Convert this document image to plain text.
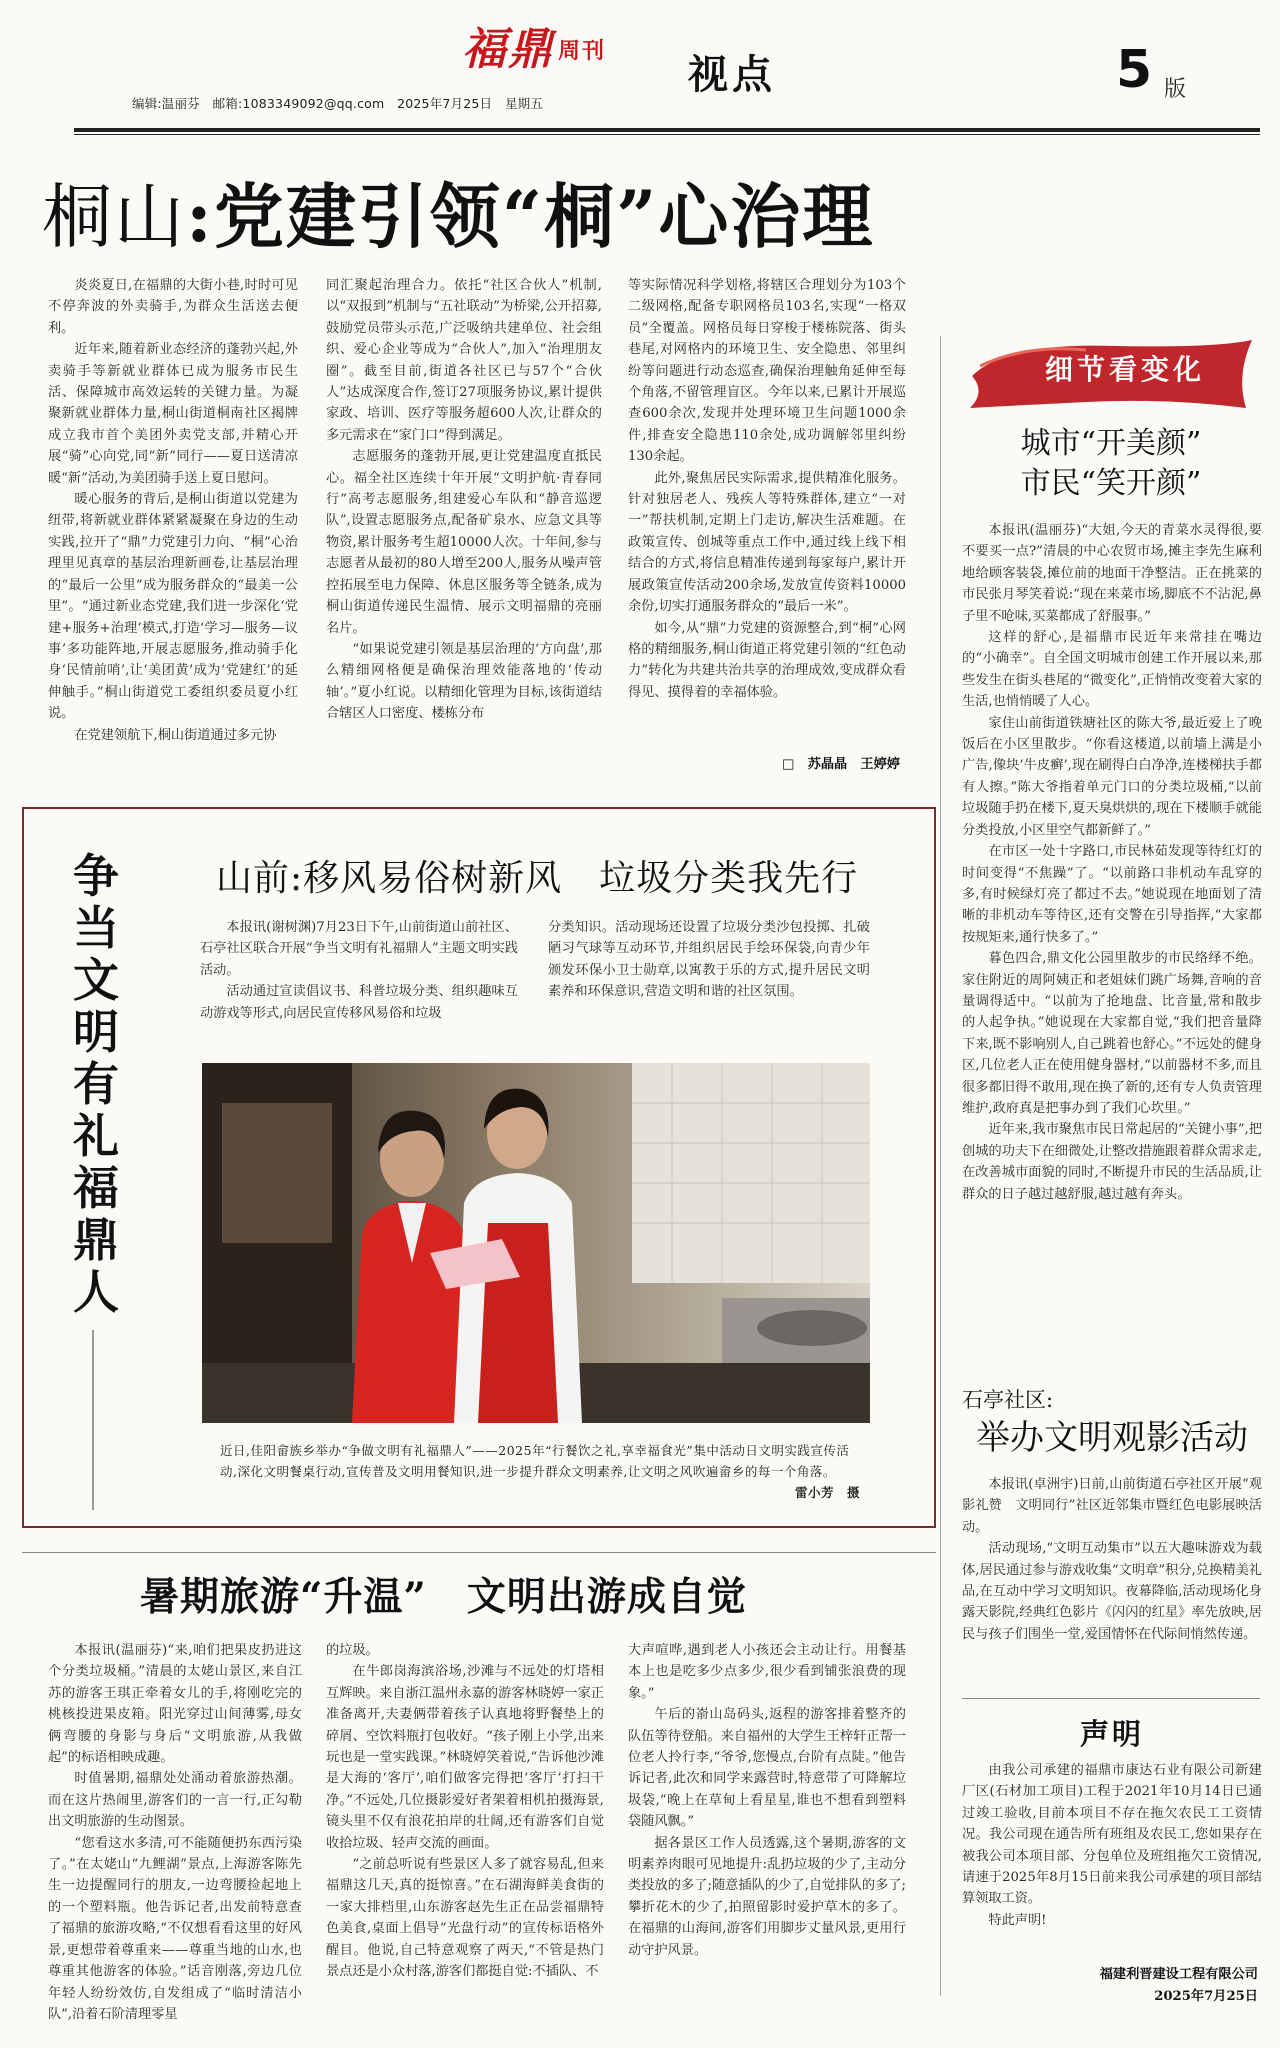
福鼎 周刊
编辑:温丽芬　邮箱:1083349092@qq.com　2025年7月25日　星期五
视点	5 版
桐山:党建引领“桐”心治理

炎炎夏日,在福鼎的大街小巷,时时可见不停奔波的外卖骑手,为群众生活送去便利。

近年来,随着新业态经济的蓬勃兴起,外卖骑手等新就业群体已成为服务市民生活、保障城市高效运转的关键力量。为凝聚新就业群体力量,桐山街道桐南社区揭牌成立我市首个美团外卖党支部,并精心开展“骑”心向党,同“新”同行——夏日送清凉暖“新”活动,为美团骑手送上夏日慰问。

暖心服务的背后,是桐山街道以党建为纽带,将新就业群体紧紧凝聚在身边的生动实践,拉开了“鼎”力党建引力向、“桐”心治理里见真章的基层治理新画卷,让基层治理的“最后一公里”成为服务群众的“最美一公里”。“通过新业态党建,我们进一步深化‘党建+服务+治理’模式,打造‘学习—服务—议事’多功能阵地,开展志愿服务,推动骑手化身‘民情前哨’,让‘美团黄’成为‘党建红’的延伸触手。”桐山街道党工委组织委员夏小红说。

在党建领航下,桐山街道通过多元协

同汇聚起治理合力。依托“社区合伙人”机制,以“双报到”机制与“五社联动”为桥梁,公开招募,鼓励党员带头示范,广泛吸纳共建单位、社会组织、爱心企业等成为“合伙人”,加入“治理朋友圈”。截至目前,街道各社区已与57个“合伙人”达成深度合作,签订27项服务协议,累计提供家政、培训、医疗等服务超600人次,让群众的多元需求在“家门口”得到满足。

志愿服务的蓬勃开展,更让党建温度直抵民心。福全社区连续十年开展“文明护航·青春同行”高考志愿服务,组建爱心车队和“静音巡逻队”,设置志愿服务点,配备矿泉水、应急文具等物资,累计服务考生超10000人次。十年间,参与志愿者从最初的80人增至200人,服务从噪声管控拓展至电力保障、休息区服务等全链条,成为桐山街道传递民生温情、展示文明福鼎的亮丽名片。

“如果说党建引领是基层治理的‘方向盘’,那么精细网格便是确保治理效能落地的‘传动轴’。”夏小红说。以精细化管理为目标,该街道结合辖区人口密度、楼栋分布

等实际情况科学划格,将辖区合理划分为103个二级网格,配备专职网格员103名,实现“一格双员”全覆盖。网格员每日穿梭于楼栋院落、街头巷尾,对网格内的环境卫生、安全隐患、邻里纠纷等问题进行动态巡查,确保治理触角延伸至每个角落,不留管理盲区。今年以来,已累计开展巡查600余次,发现并处理环境卫生问题1000余件,排查安全隐患110余处,成功调解邻里纠纷130余起。

此外,聚焦居民实际需求,提供精准化服务。针对独居老人、残疾人等特殊群体,建立“一对一”帮扶机制,定期上门走访,解决生活难题。在政策宣传、创城等重点工作中,通过线上线下相结合的方式,将信息精准传递到每家每户,累计开展政策宣传活动200余场,发放宣传资料10000余份,切实打通服务群众的“最后一米”。

如今,从“鼎”力党建的资源整合,到“桐”心网格的精细服务,桐山街道正将党建引领的“红色动力”转化为共建共治共享的治理成效,变成群众看得见、摸得着的幸福体验。

□　苏晶晶　王婷婷
争当文明有礼福鼎人
山前:移风易俗树新风　垃圾分类我先行

本报讯(谢树渊)7月23日下午,山前街道山前社区、石亭社区联合开展“争当文明有礼福鼎人”主题文明实践活动。

活动通过宣读倡议书、科普垃圾分类、组织趣味互动游戏等形式,向居民宣传移风易俗和垃圾

分类知识。活动现场还设置了垃圾分类沙包投掷、扎破陋习气球等互动环节,并组织居民手绘环保袋,向青少年颁发环保小卫士勋章,以寓教于乐的方式,提升居民文明素养和环保意识,营造文明和谐的社区氛围。

近日,佳阳畲族乡举办“争做文明有礼福鼎人”——2025年“行餐饮之礼,享幸福食光”集中活动日文明实践宣传活动,深化文明餐桌行动,宣传普及文明用餐知识,进一步提升群众文明素养,让文明之风吹遍畲乡的每一个角落。
雷小芳　摄
暑期旅游“升温”　文明出游成自觉

本报讯(温丽芬)“来,咱们把果皮扔进这个分类垃圾桶。”清晨的太姥山景区,来自江苏的游客王琪正牵着女儿的手,将刚吃完的桃核投进果皮箱。阳光穿过山间薄雾,母女俩弯腰的身影与身后“文明旅游,从我做起”的标语相映成趣。

时值暑期,福鼎处处涌动着旅游热潮。而在这片热闹里,游客们的一言一行,正勾勒出文明旅游的生动图景。

“您看这水多清,可不能随便扔东西污染了。”在太姥山“九鲤湖”景点,上海游客陈先生一边提醒同行的朋友,一边弯腰捡起地上的一个塑料瓶。他告诉记者,出发前特意查了福鼎的旅游攻略,“不仅想看看这里的好风景,更想带着尊重来——尊重当地的山水,也尊重其他游客的体验。”话音刚落,旁边几位年轻人纷纷效仿,自发组成了“临时清洁小队”,沿着石阶清理零星

的垃圾。

在牛郎岗海滨浴场,沙滩与不远处的灯塔相互辉映。来自浙江温州永嘉的游客林晓婷一家正准备离开,夫妻俩带着孩子认真地将野餐垫上的碎屑、空饮料瓶打包收好。“孩子刚上小学,出来玩也是一堂实践课。”林晓婷笑着说,“告诉他沙滩是大海的‘客厅’,咱们做客完得把‘客厅’打扫干净。”不远处,几位摄影爱好者架着相机拍摄海景,镜头里不仅有浪花拍岸的壮阔,还有游客们自觉收拾垃圾、轻声交流的画面。

“之前总听说有些景区人多了就容易乱,但来福鼎这几天,真的挺惊喜。”在石湖海鲜美食街的一家大排档里,山东游客赵先生正在品尝福鼎特色美食,桌面上倡导“光盘行动”的宣传标语格外醒目。他说,自己特意观察了两天,“不管是热门景点还是小众村落,游客们都挺自觉:不插队、不

大声喧哗,遇到老人小孩还会主动让行。用餐基本上也是吃多少点多少,很少看到铺张浪费的现象。”

午后的嵛山岛码头,返程的游客排着整齐的队伍等待登船。来自福州的大学生王梓轩正帮一位老人拎行李,“爷爷,您慢点,台阶有点陡。”他告诉记者,此次和同学来露营时,特意带了可降解垃圾袋,“晚上在草甸上看星星,谁也不想看到塑料袋随风飘。”

据各景区工作人员透露,这个暑期,游客的文明素养肉眼可见地提升:乱扔垃圾的少了,主动分类投放的多了;随意插队的少了,自觉排队的多了;攀折花木的少了,拍照留影时爱护草木的多了。在福鼎的山海间,游客们用脚步丈量风景,更用行动守护风景。

细节看变化
城市“开美颜”
市民“笑开颜”

本报讯(温丽芬)“大姐,今天的青菜水灵得很,要不要买一点?”清晨的中心农贸市场,摊主李先生麻利地给顾客装袋,摊位前的地面干净整洁。正在挑菜的市民张月琴笑着说:“现在来菜市场,脚底不不沾泥,鼻子里不呛味,买菜都成了舒服事。”

这样的舒心,是福鼎市民近年来常挂在嘴边的“小确幸”。自全国文明城市创建工作开展以来,那些发生在街头巷尾的“微变化”,正悄悄改变着大家的生活,也悄悄暖了人心。

家住山前街道铁塘社区的陈大爷,最近爱上了晚饭后在小区里散步。“你看这楼道,以前墙上满是小广告,像块‘牛皮癣’,现在刷得白白净净,连楼梯扶手都有人擦。”陈大爷指着单元门口的分类垃圾桶,“以前垃圾随手扔在楼下,夏天臭烘烘的,现在下楼顺手就能分类投放,小区里空气都新鲜了。”

在市区一处十字路口,市民林茹发现等待红灯的时间变得“不焦躁”了。“以前路口非机动车乱穿的多,有时候绿灯亮了都过不去。”她说现在地面划了清晰的非机动车等待区,还有交警在引导指挥,“大家都按规矩来,通行快多了。”

暮色四合,鼎文化公园里散步的市民络绎不绝。家住附近的周阿姨正和老姐妹们跳广场舞,音响的音量调得适中。“以前为了抢地盘、比音量,常和散步的人起争执。”她说现在大家都自觉,“我们把音量降下来,既不影响别人,自己跳着也舒心。”不远处的健身区,几位老人正在使用健身器材,“以前器材不多,而且很多都旧得不敢用,现在换了新的,还有专人负责管理维护,政府真是把事办到了我们心坎里。”

近年来,我市聚焦市民日常起居的“关键小事”,把创城的功夫下在细微处,让整改措施跟着群众需求走,在改善城市面貌的同时,不断提升市民的生活品质,让群众的日子越过越舒服,越过越有奔头。

石亭社区:
举办文明观影活动

本报讯(卓洲宇)日前,山前街道石亭社区开展“观影礼赞　文明同行”社区近邻集市暨红色电影展映活动。

活动现场,“文明互动集市”以五大趣味游戏为载体,居民通过参与游戏收集“文明章”积分,兑换精美礼品,在互动中学习文明知识。夜幕降临,活动现场化身露天影院,经典红色影片《闪闪的红星》率先放映,居民与孩子们围坐一堂,爱国情怀在代际间悄然传递。

声明

由我公司承建的福鼎市康达石业有限公司新建厂区(石材加工项目)工程于2021年10月14日已通过竣工验收,目前本项目不存在拖欠农民工工资情况。我公司现在通告所有班组及农民工,您如果存在被我公司本项目部、分包单位及班组拖欠工资情况,请速于2025年8月15日前来我公司承建的项目部结算领取工资。

特此声明!

福建利晋建设工程有限公司
2025年7月25日
